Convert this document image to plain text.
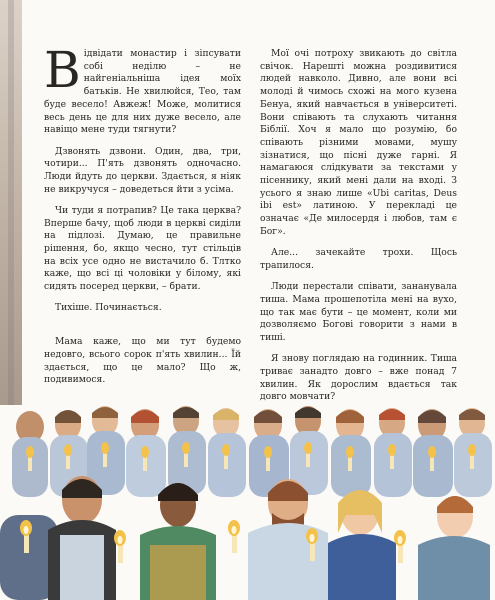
Відвідати монастир і зіпсувати собі неділю – не найгеніальніша ідея моїх батьків. Не хвилюйся, Тео, там буде весело! Авжеж! Може, молитися весь день це для них дуже весело, але навіщо мене туди тягнути?

Дзвонять дзвони. Один, два, три, чотири... П'ять дзвонять одночасно. Люди йдуть до церкви. Здається, я ніяк не викручуся – доведеться йти з усіма.

Чи туди я потрапив? Це така церква? Вперше бачу, щоб люди в церкві сиділи на підлозі. Думаю, це правильне рішення, бо, якщо чесно, тут стільців на всіх усе одно не вистачило б. Тлтко кажe, що всі ці чоловіки у білому, які сидять посеред церкви, – брати.

Тихіше. Починається.

Мама каже, що ми тут будемо недовго, всього сорок п'ять хвилин... Їй здається, що це мало? Що ж, подивимося.

Мої очі потроху звикають до світла свічок. Нарешті можна роздивитися людей навколо. Дивно, але вони всі молоді й чимось схожі на мого кузена Бенуа, який навчається в університеті. Вони співають та слухають читання Біблії. Хоч я мало що розумію, бо співають різними мовами, мушу зізнатися, що пісні дуже гарні. Я намагаюся слідкувати за текстами у пісеннику, який мені дали на вході. З усього я знаю лише «Ubi caritas, Deus ibi est» латиною. У перекладі це означає «Де милосердя і любов, там є Бог».

Але... зачекайте трохи. Щось трапилося.

Люди перестали співати, зананувала тиша. Мама прошепотіла мені на вухо, що так має бути – це момент, коли ми дозволяємо Богові говорити з нами в тиші.

Я знову поглядаю на годинник. Тиша триває занадто довго – вже понад 7 хвилин. Як дорослим вдається так довго мовчати?
